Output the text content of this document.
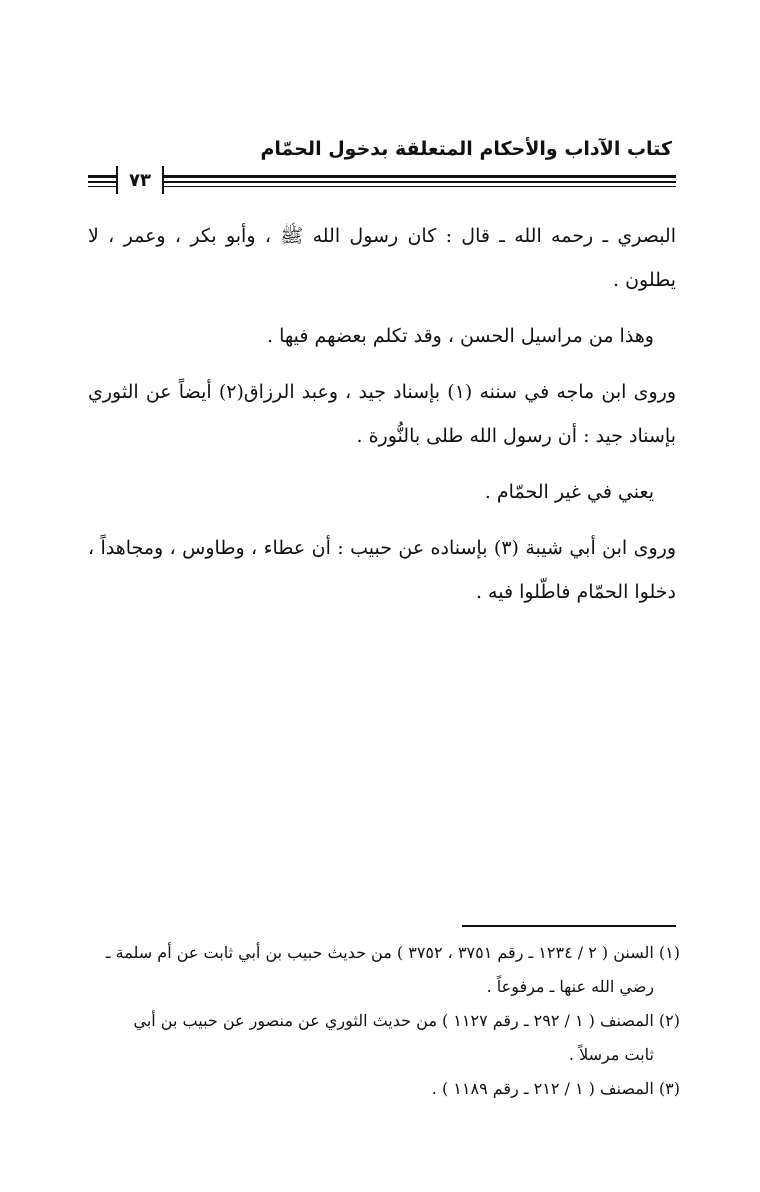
كتاب الآداب والأحكام المتعلقة بدخول الحمّام
٧٣

البصري ـ رحمه الله ـ قال : كان رسول الله ﷺ ، وأبو بكر ، وعمر ، لا يطلون .

وهذا من مراسيل الحسن ، وقد تكلم بعضهم فيها .

وروى ابن ماجه في سننه (١) بإسناد جيد ، وعبد الرزاق(٢) أيضاً عن الثوري بإسناد جيد : أن رسول الله طلى بالنُّورة .

يعني في غير الحمّام .

وروى ابن أبي شيبة (٣) بإسناده عن حبيب : أن عطاء ، وطاوس ، ومجاهداً ، دخلوا الحمّام فاطّلوا فيه .

(١) السنن ( ٢ / ١٢٣٤ ـ رقم ٣٧٥١ ، ٣٧٥٢ ) من حديث حبيب بن أبي ثابت عن أم سلمة ـ
رضي الله عنها ـ مرفوعاً .

(٢) المصنف ( ١ / ٢٩٢ ـ رقم ١١٢٧ ) من حديث الثوري عن منصور عن حبيب بن أبي
ثابت مرسلاً .

(٣) المصنف ( ١ / ٢١٢ ـ رقم ١١٨٩ ) .
